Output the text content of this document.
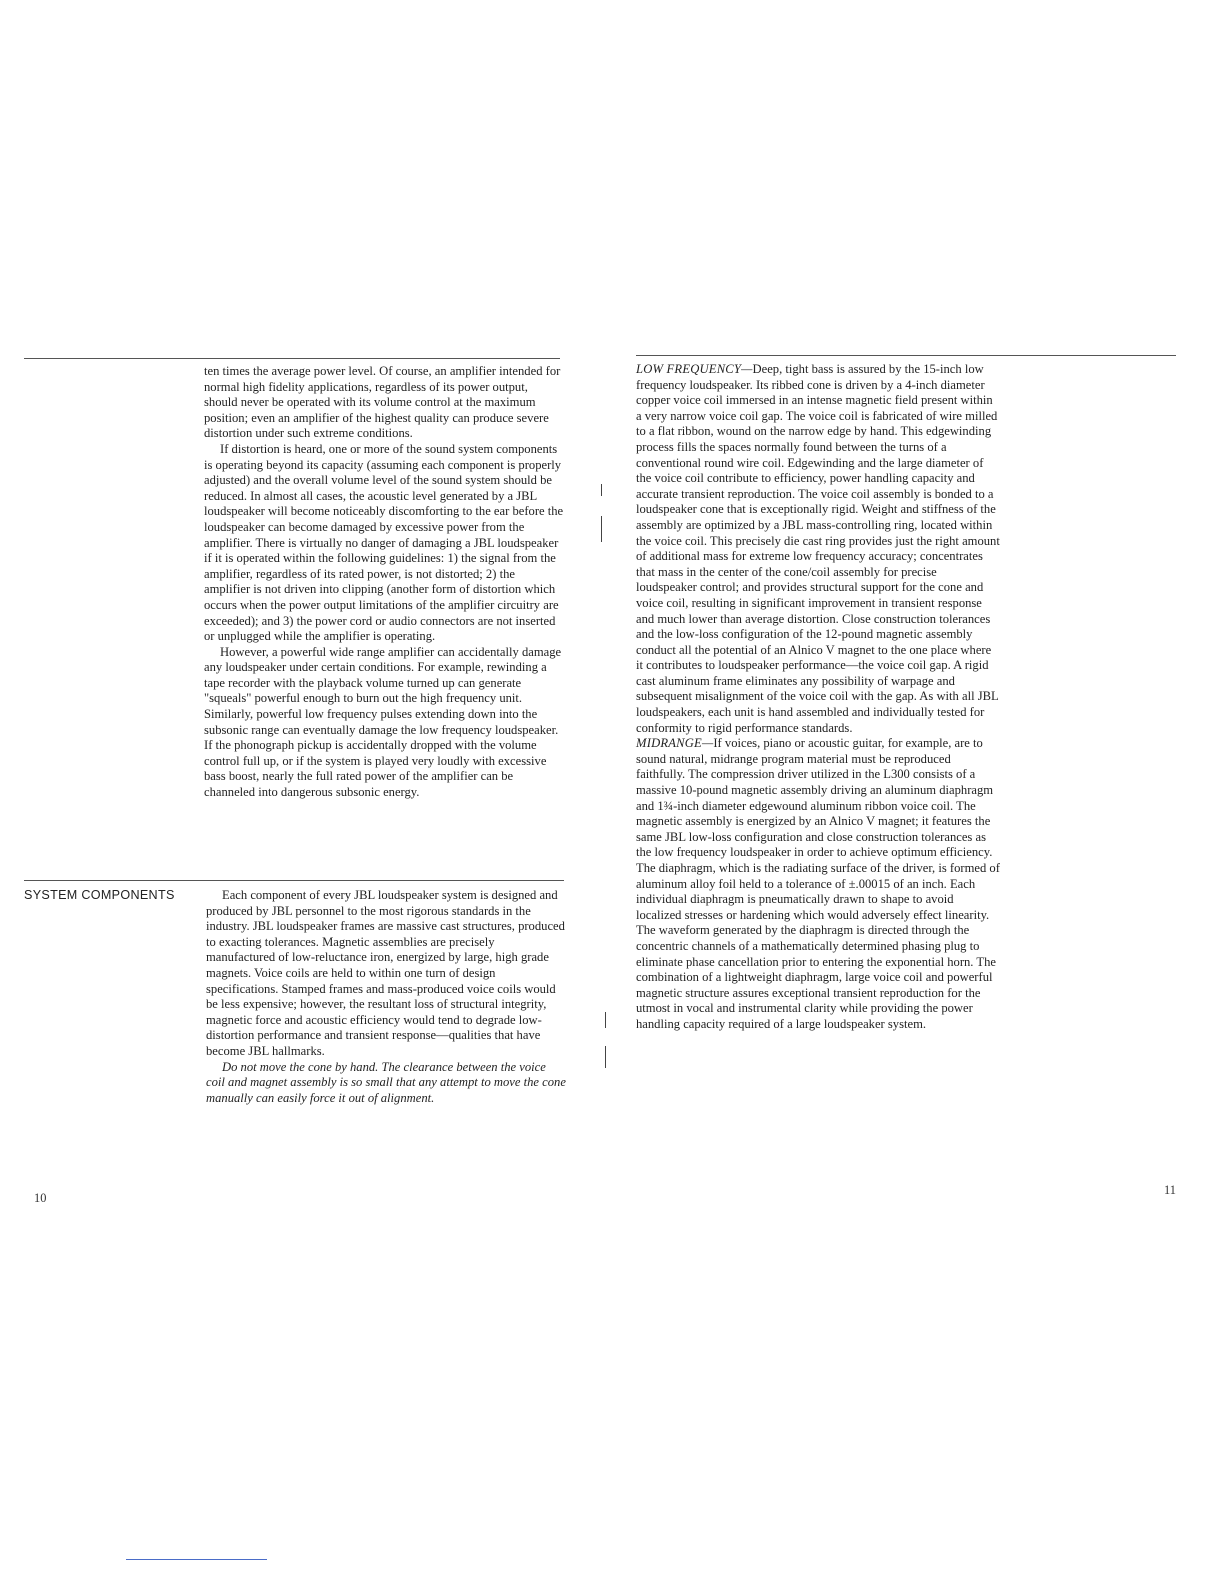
ten times the average power level. Of course, an amplifier intended for normal high fidelity applications, regardless of its power output, should never be operated with its volume control at the maximum position; even an amplifier of the highest quality can produce severe distortion under such extreme conditions.

If distortion is heard, one or more of the sound system components is operating beyond its capacity (assuming each component is properly adjusted) and the overall volume level of the sound system should be reduced. In almost all cases, the acoustic level generated by a JBL loudspeaker will become noticeably discomforting to the ear before the loudspeaker can become damaged by excessive power from the amplifier. There is virtually no danger of damaging a JBL loudspeaker if it is operated within the following guidelines: 1) the signal from the amplifier, regardless of its rated power, is not distorted; 2) the amplifier is not driven into clipping (another form of distortion which occurs when the power output limitations of the amplifier circuitry are exceeded); and 3) the power cord or audio connectors are not inserted or unplugged while the amplifier is operating.

However, a powerful wide range amplifier can accidentally damage any loudspeaker under certain conditions. For example, rewinding a tape recorder with the playback volume turned up can generate "squeals" powerful enough to burn out the high frequency unit. Similarly, powerful low frequency pulses extending down into the subsonic range can eventually damage the low frequency loudspeaker. If the phonograph pickup is accidentally dropped with the volume control full up, or if the system is played very loudly with excessive bass boost, nearly the full rated power of the amplifier can be channeled into dangerous subsonic energy.

SYSTEM COMPONENTS	Each component of every JBL loudspeaker system is designed and produced by JBL personnel to the most rigorous standards in the industry. JBL loudspeaker frames are massive cast structures, produced to exacting tolerances. Magnetic assemblies are precisely manufactured of low-reluctance iron, energized by large, high grade magnets. Voice coils are held to within one turn of design specifications. Stamped frames and mass-produced voice coils would be less expensive; however, the resultant loss of structural integrity, magnetic force and acoustic efficiency would tend to degrade low-distortion performance and transient response—qualities that have become JBL hallmarks.

Do not move the cone by hand. The clearance between the voice coil and magnet assembly is so small that any attempt to move the cone manually can easily force it out of alignment.

10

LOW FREQUENCY—Deep, tight bass is assured by the 15-inch low frequency loudspeaker. Its ribbed cone is driven by a 4-inch diameter copper voice coil immersed in an intense magnetic field present within a very narrow voice coil gap. The voice coil is fabricated of wire milled to a flat ribbon, wound on the narrow edge by hand. This edgewinding process fills the spaces normally found between the turns of a conventional round wire coil. Edgewinding and the large diameter of the voice coil contribute to efficiency, power handling capacity and accurate transient reproduction. The voice coil assembly is bonded to a loudspeaker cone that is exceptionally rigid. Weight and stiffness of the assembly are optimized by a JBL mass-controlling ring, located within the voice coil. This precisely die cast ring provides just the right amount of additional mass for extreme low frequency accuracy; concentrates that mass in the center of the cone/coil assembly for precise loudspeaker control; and provides structural support for the cone and voice coil, resulting in significant improvement in transient response and much lower than average distortion. Close construction tolerances and the low-loss configuration of the 12-pound magnetic assembly conduct all the potential of an Alnico V magnet to the one place where it contributes to loudspeaker performance—the voice coil gap. A rigid cast aluminum frame eliminates any possibility of warpage and subsequent misalignment of the voice coil with the gap. As with all JBL loudspeakers, each unit is hand assembled and individually tested for conformity to rigid performance standards.

MIDRANGE—If voices, piano or acoustic guitar, for example, are to sound natural, midrange program material must be reproduced faithfully. The compression driver utilized in the L300 consists of a massive 10-pound magnetic assembly driving an aluminum diaphragm and 1¾-inch diameter edgewound aluminum ribbon voice coil. The magnetic assembly is energized by an Alnico V magnet; it features the same JBL low-loss configuration and close construction tolerances as the low frequency loudspeaker in order to achieve optimum efficiency. The diaphragm, which is the radiating surface of the driver, is formed of aluminum alloy foil held to a tolerance of ±.00015 of an inch. Each individual diaphragm is pneumatically drawn to shape to avoid localized stresses or hardening which would adversely effect linearity. The waveform generated by the diaphragm is directed through the concentric channels of a mathematically determined phasing plug to eliminate phase cancellation prior to entering the exponential horn. The combination of a lightweight diaphragm, large voice coil and powerful magnetic structure assures exceptional transient reproduction for the utmost in vocal and instrumental clarity while providing the power handling capacity required of a large loudspeaker system.

11
